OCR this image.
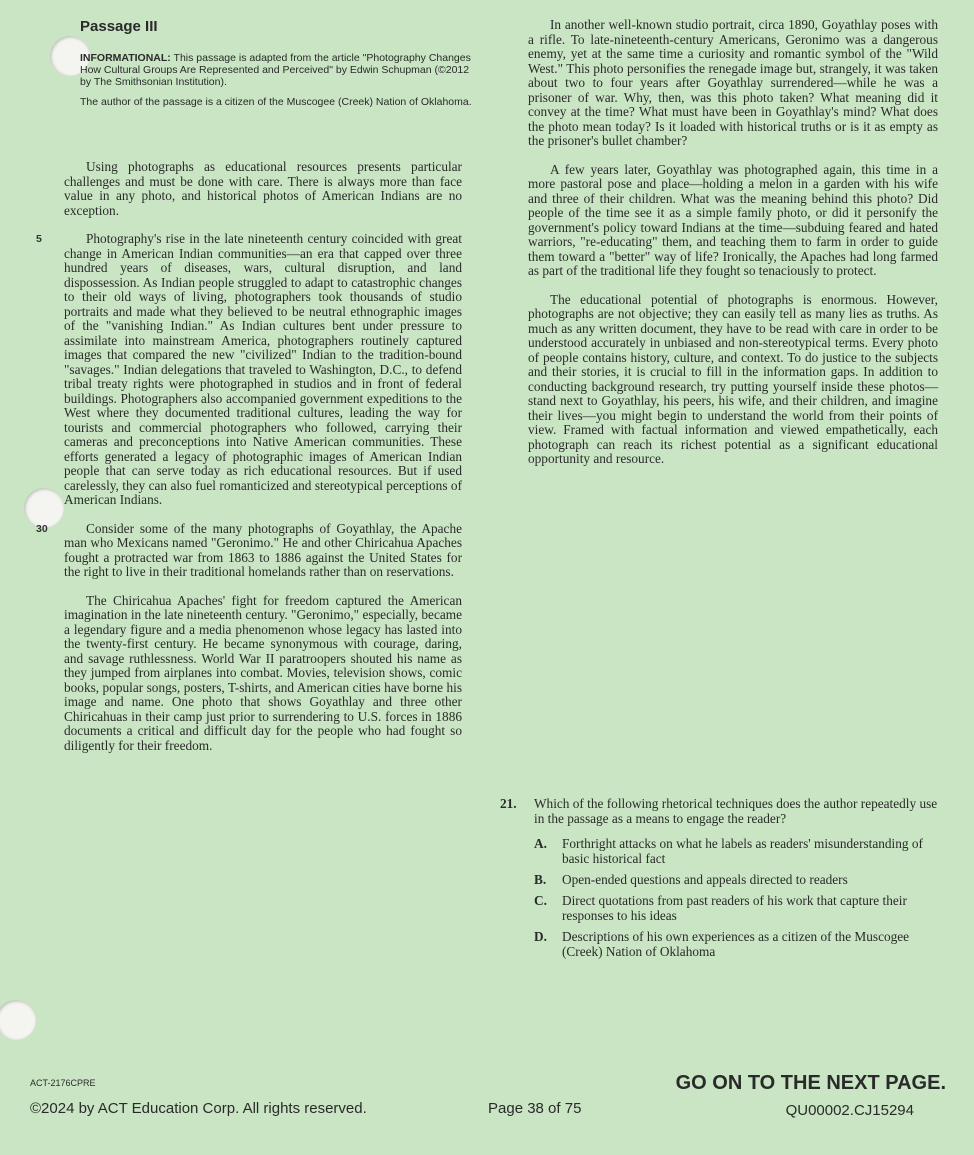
Passage III

INFORMATIONAL: This passage is adapted from the article "Photography Changes How Cultural Groups Are Represented and Perceived" by Edwin Schupman (©2012 by The Smithsonian Institution).

The author of the passage is a citizen of the Muscogee (Creek) Nation of Oklahoma.

Using photographs as educational resources presents particular challenges and must be done with care. There is always more than face value in any photo, and historical photos of American Indians are no exception.
5	Photography's rise in the late nineteenth century coincided with great change in American Indian communities—an era that capped over three hundred years of diseases, wars, cultural disruption, and land dispossession. As Indian people struggled to adapt to catastrophic changes to their old ways of living, photographers took thousands of studio portraits and made what they believed to be neutral ethnographic images of the "vanishing Indian." As Indian cultures bent under pressure to assimilate into mainstream America, photographers routinely captured images that compared the new "civilized" Indian to the tradition-bound "savages." Indian delegations that traveled to Washington, D.C., to defend tribal treaty rights were photographed in studios and in front of federal buildings. Photographers also accompanied government expeditions to the West where they documented traditional cultures, leading the way for tourists and commercial photographers who followed, carrying their cameras and preconceptions into Native American communities. These efforts generated a legacy of photographic images of American Indian people that can serve today as rich educational resources. But if used carelessly, they can also fuel romanticized and stereotypical perceptions of American Indians.
30	Consider some of the many photographs of Goyathlay, the Apache man who Mexicans named "Geronimo." He and other Chiricahua Apaches fought a protracted war from 1863 to 1886 against the United States for the right to live in their traditional homelands rather than on reservations.
The Chiricahua Apaches' fight for freedom captured the American imagination in the late nineteenth century. "Geronimo," especially, became a legendary figure and a media phenomenon whose legacy has lasted into the twenty-first century. He became synonymous with courage, daring, and savage ruthlessness. World War II paratroopers shouted his name as they jumped from airplanes into combat. Movies, television shows, comic books, popular songs, posters, T-shirts, and American cities have borne his image and name. One photo that shows Goyathlay and three other Chiricahuas in their camp just prior to surrendering to U.S. forces in 1886 documents a critical and difficult day for the people who had fought so diligently for their freedom.
In another well-known studio portrait, circa 1890, Goyathlay poses with a rifle. To late-nineteenth-century Americans, Geronimo was a dangerous enemy, yet at the same time a curiosity and romantic symbol of the "Wild West." This photo personifies the renegade image but, strangely, it was taken about two to four years after Goyathlay surrendered—while he was a prisoner of war. Why, then, was this photo taken? What meaning did it convey at the time? What must have been in Goyathlay's mind? What does the photo mean today? Is it loaded with historical truths or is it as empty as the prisoner's bullet chamber?
A few years later, Goyathlay was photographed again, this time in a more pastoral pose and place—holding a melon in a garden with his wife and three of their children. What was the meaning behind this photo? Did people of the time see it as a simple family photo, or did it personify the government's policy toward Indians at the time—subduing feared and hated warriors, "re-educating" them, and teaching them to farm in order to guide them toward a "better" way of life? Ironically, the Apaches had long farmed as part of the traditional life they fought so tenaciously to protect.
The educational potential of photographs is enormous. However, photographs are not objective; they can easily tell as many lies as truths. As much as any written document, they have to be read with care in order to be understood accurately in unbiased and non-stereotypical terms. Every photo of people contains history, culture, and context. To do justice to the subjects and their stories, it is crucial to fill in the information gaps. In addition to conducting background research, try putting yourself inside these photos—stand next to Goyathlay, his peers, his wife, and their children, and imagine their lives—you might begin to understand the world from their points of view. Framed with factual information and viewed empathetically, each photograph can reach its richest potential as a significant educational opportunity and resource.
21. Which of the following rhetorical techniques does the author repeatedly use in the passage as a means to engage the reader?
A. Forthright attacks on what he labels as readers' misunderstanding of basic historical fact
B. Open-ended questions and appeals directed to readers
C. Direct quotations from past readers of his work that capture their responses to his ideas
D. Descriptions of his own experiences as a citizen of the Muscogee (Creek) Nation of Oklahoma
ACT-2176CPRE
©2024 by ACT Education Corp. All rights reserved.	Page 38 of 75
GO ON TO THE NEXT PAGE.
QU00002.CJ15294
